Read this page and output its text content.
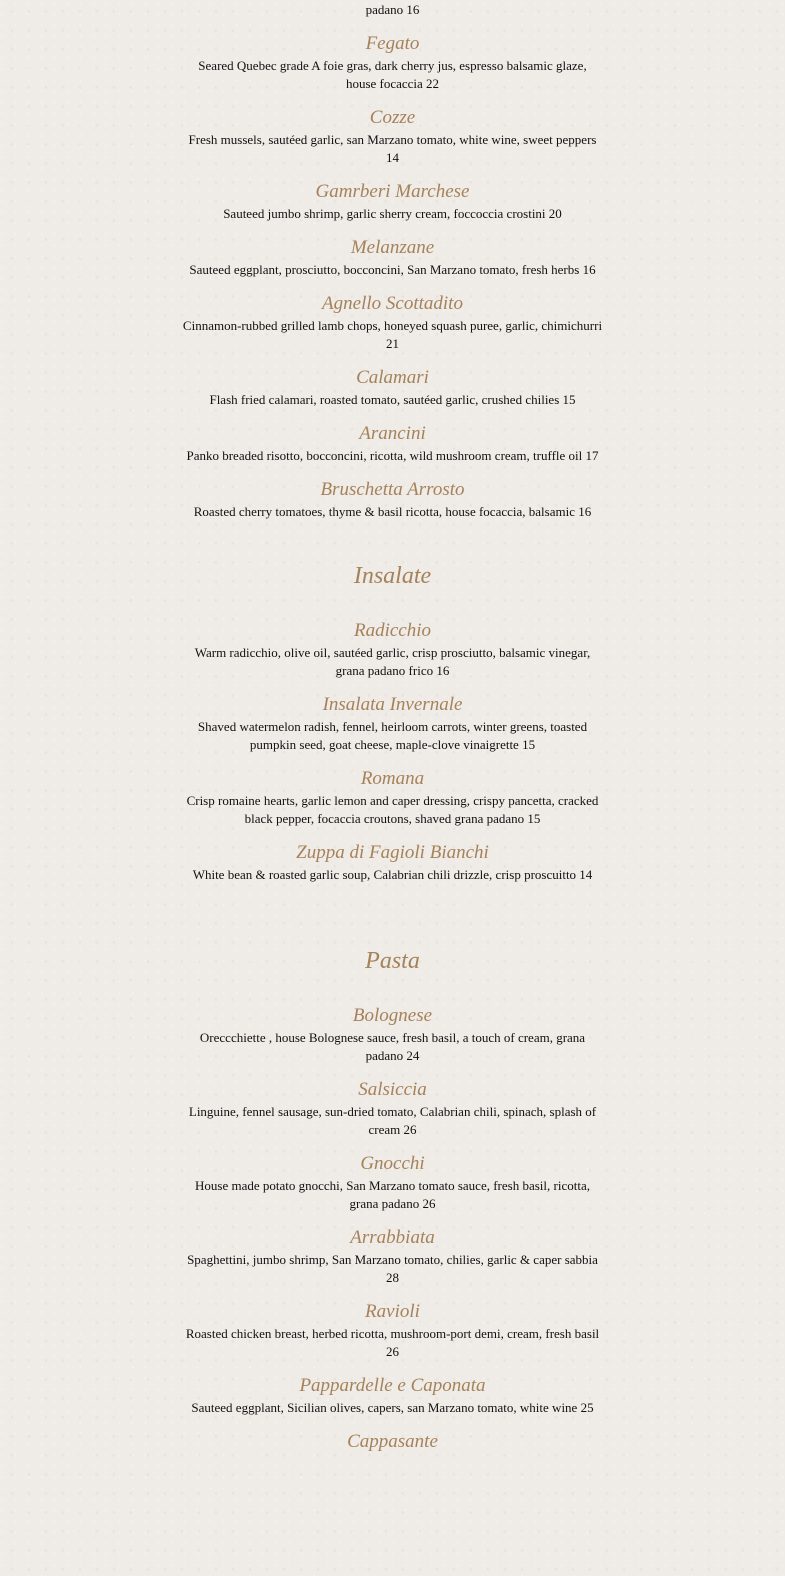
padano 16

Fegato

Seared Quebec grade A foie gras, dark cherry jus, espresso balsamic glaze, house focaccia 22

Cozze

Fresh mussels, sautéed garlic, san Marzano tomato, white wine, sweet peppers 14

Gamrberi Marchese

Sauteed jumbo shrimp, garlic sherry cream, foccoccia crostini 20

Melanzane

Sauteed eggplant, prosciutto, bocconcini, San Marzano tomato, fresh herbs 16

Agnello Scottadito

Cinnamon-rubbed grilled lamb chops, honeyed squash puree, garlic, chimichurri 21

Calamari

Flash fried calamari, roasted tomato, sautéed garlic, crushed chilies 15

Arancini

Panko breaded risotto, bocconcini, ricotta, wild mushroom cream, truffle oil 17

Bruschetta Arrosto

Roasted cherry tomatoes, thyme & basil ricotta, house focaccia, balsamic 16

Insalate

Radicchio

Warm radicchio, olive oil, sautéed garlic, crisp prosciutto, balsamic vinegar, grana padano frico 16

Insalata Invernale

Shaved watermelon radish, fennel, heirloom carrots, winter greens, toasted pumpkin seed, goat cheese, maple-clove vinaigrette 15

Romana

Crisp romaine hearts, garlic lemon and caper dressing, crispy pancetta, cracked black pepper, focaccia croutons, shaved grana padano 15

Zuppa di Fagioli Bianchi

White bean & roasted garlic soup, Calabrian chili drizzle, crisp proscuitto 14

Pasta

Bolognese

Oreccchiette , house Bolognese sauce, fresh basil, a touch of cream, grana padano 24

Salsiccia

Linguine, fennel sausage, sun-dried tomato, Calabrian chili, spinach, splash of cream 26

Gnocchi

House made potato gnocchi, San Marzano tomato sauce, fresh basil, ricotta, grana padano 26

Arrabbiata

Spaghettini, jumbo shrimp, San Marzano tomato, chilies, garlic & caper sabbia 28

Ravioli

Roasted chicken breast, herbed ricotta, mushroom-port demi, cream, fresh basil 26

Pappardelle e Caponata

Sauteed eggplant, Sicilian olives, capers, san Marzano tomato, white wine 25

Cappasante
